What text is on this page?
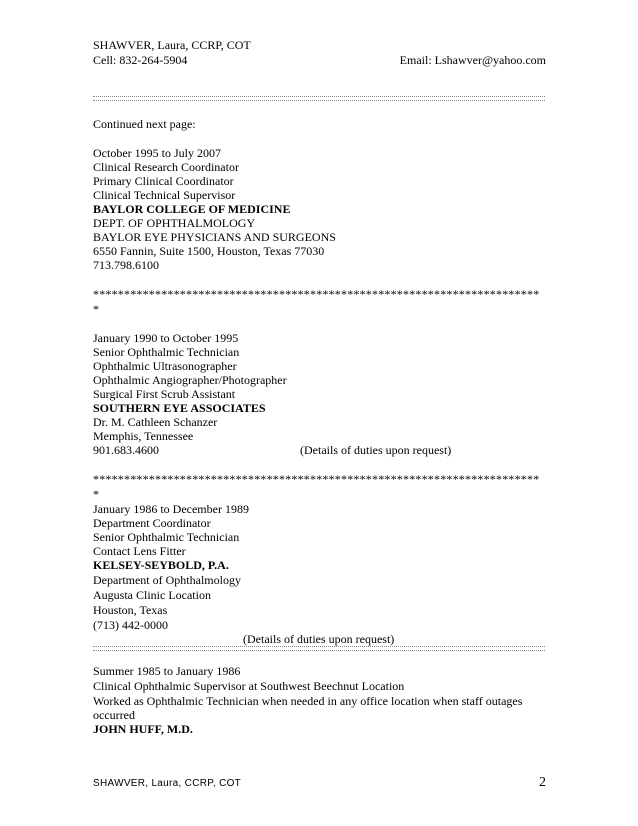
SHAWVER, Laura, CCRP, COT
Cell: 832-264-5904	Email: Lshawver@yahoo.com
Continued next page:
October 1995 to July 2007
Clinical Research Coordinator
Primary Clinical Coordinator
Clinical Technical Supervisor
BAYLOR COLLEGE OF MEDICINE
DEPT. OF OPHTHALMOLOGY
BAYLOR EYE PHYSICIANS AND SURGEONS
6550 Fannin, Suite 1500, Houston, Texas 77030
713.798.6100
************************************************************************
*
January 1990 to October 1995
Senior Ophthalmic Technician
Ophthalmic Ultrasonographer
Ophthalmic Angiographer/Photographer
Surgical First Scrub Assistant
SOUTHERN EYE ASSOCIATES
Dr. M. Cathleen Schanzer
Memphis, Tennessee
901.683.4600	(Details of duties upon request)
************************************************************************
*
January 1986 to December 1989
Department Coordinator
Senior Ophthalmic Technician
Contact Lens Fitter
KELSEY-SEYBOLD, P.A.
Department of Ophthalmology
Augusta Clinic Location
Houston, Texas
(713) 442-0000
(Details of duties upon request)
Summer 1985 to January 1986
Clinical Ophthalmic Supervisor at Southwest Beechnut Location
Worked as Ophthalmic Technician when needed in any office location when staff outages
occurred
JOHN HUFF, M.D.
SHAWVER, Laura, CCRP, COT	2
